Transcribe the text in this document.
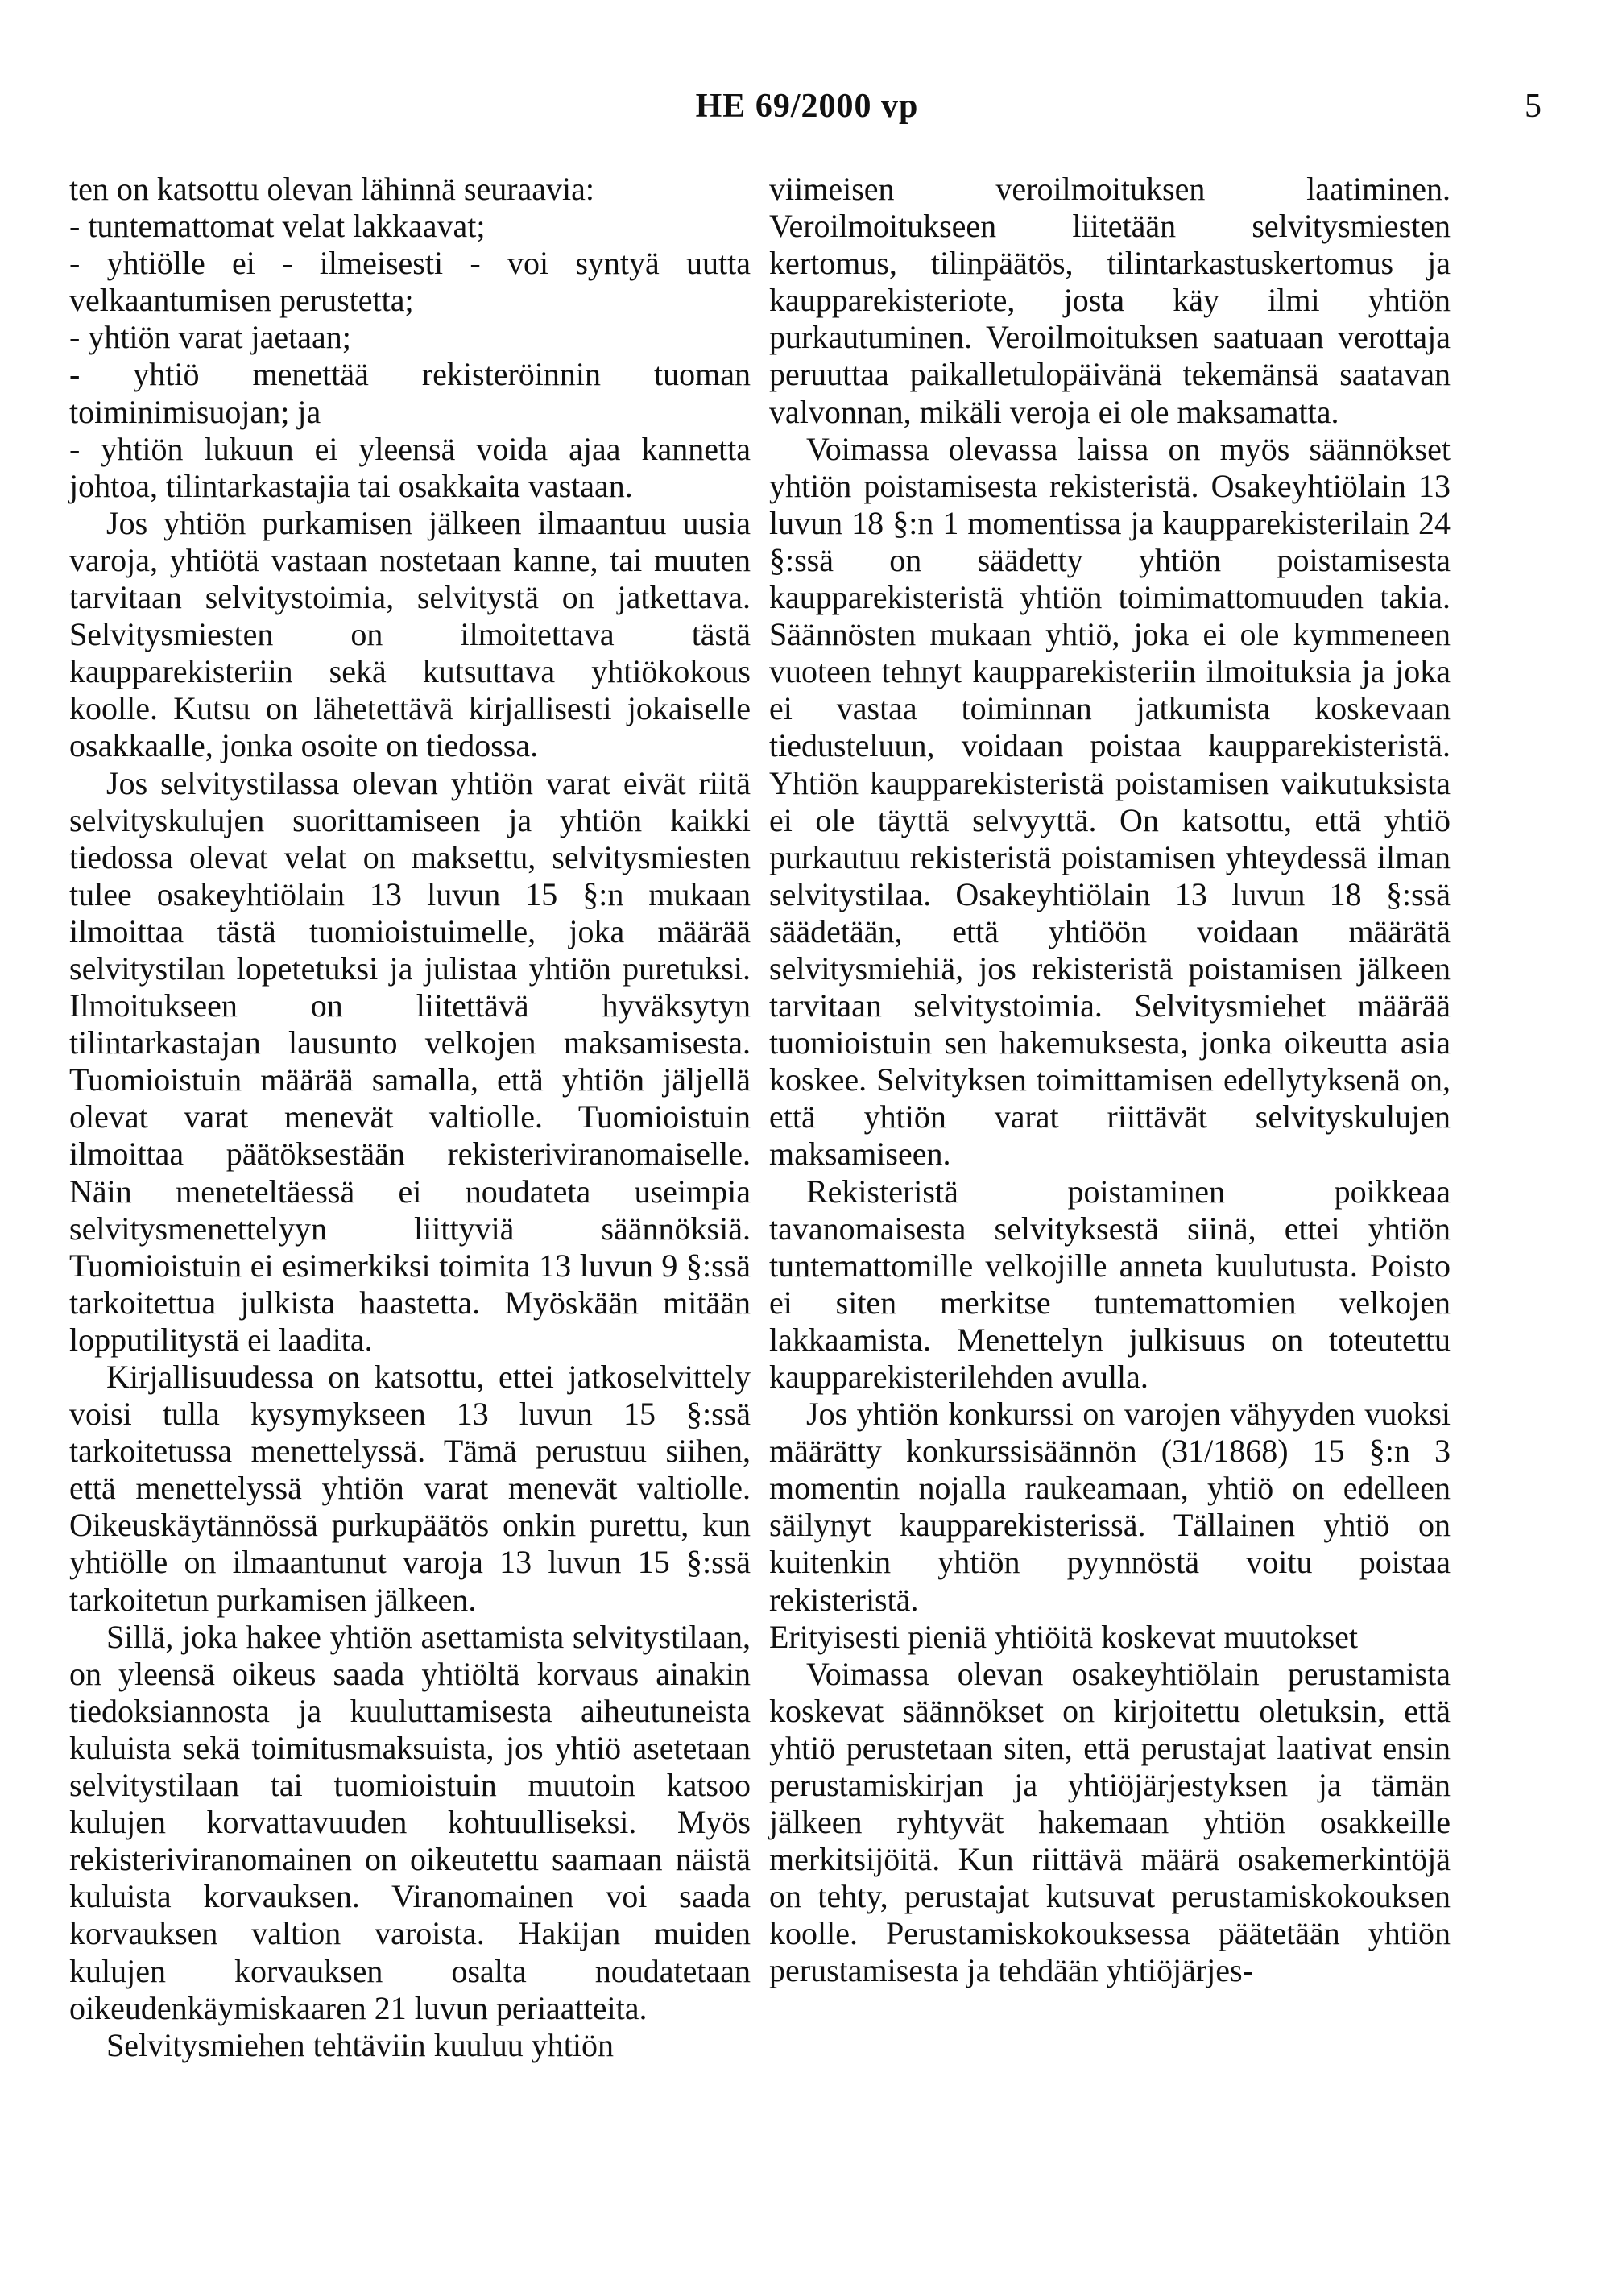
HE 69/2000 vp	5

ten on katsottu olevan lähinnä seuraavia:

- tuntemattomat velat lakkaavat;

- yhtiölle ei - ilmeisesti - voi syntyä uutta velkaantumisen perustetta;

- yhtiön varat jaetaan;

- yhtiö menettää rekisteröinnin tuoman toiminimisuojan; ja

- yhtiön lukuun ei yleensä voida ajaa kannetta johtoa, tilintarkastajia tai osakkaita vastaan.

Jos yhtiön purkamisen jälkeen ilmaantuu uusia varoja, yhtiötä vastaan nostetaan kanne, tai muuten tarvitaan selvitystoimia, selvitystä on jatkettava. Selvitysmiesten on ilmoitettava tästä kaupparekisteriin sekä kutsuttava yhtiökokous koolle. Kutsu on lähetettävä kirjallisesti jokaiselle osakkaalle, jonka osoite on tiedossa.

Jos selvitystilassa olevan yhtiön varat eivät riitä selvityskulujen suorittamiseen ja yhtiön kaikki tiedossa olevat velat on maksettu, selvitysmiesten tulee osakeyhtiölain 13 luvun 15 §:n mukaan ilmoittaa tästä tuomioistuimelle, joka määrää selvitystilan lopetetuksi ja julistaa yhtiön puretuksi. Ilmoitukseen on liitettävä hyväksytyn tilintarkastajan lausunto velkojen maksamisesta. Tuomioistuin määrää samalla, että yhtiön jäljellä olevat varat menevät valtiolle. Tuomioistuin ilmoittaa päätöksestään rekisteriviranomaiselle. Näin meneteltäessä ei noudateta useimpia selvitysmenettelyyn liittyviä säännöksiä. Tuomioistuin ei esimerkiksi toimita 13 luvun 9 §:ssä tarkoitettua julkista haastetta. Myöskään mitään lopputilitystä ei laadita.

Kirjallisuudessa on katsottu, ettei jatkoselvittely voisi tulla kysymykseen 13 luvun 15 §:ssä tarkoitetussa menettelyssä. Tämä perustuu siihen, että menettelyssä yhtiön varat menevät valtiolle. Oikeuskäytännössä purkupäätös onkin purettu, kun yhtiölle on ilmaantunut varoja 13 luvun 15 §:ssä tarkoitetun purkamisen jälkeen.

Sillä, joka hakee yhtiön asettamista selvitystilaan, on yleensä oikeus saada yhtiöltä korvaus ainakin tiedoksiannosta ja kuuluttamisesta aiheutuneista kuluista sekä toimitusmaksuista, jos yhtiö asetetaan selvitystilaan tai tuomioistuin muutoin katsoo kulujen korvattavuuden kohtuulliseksi. Myös rekisteriviranomainen on oikeutettu saamaan näistä kuluista korvauksen. Viranomainen voi saada korvauksen valtion varoista. Hakijan muiden kulujen korvauksen osalta noudatetaan oikeudenkäymiskaaren 21 luvun periaatteita.

Selvitysmiehen tehtäviin kuuluu yhtiön

viimeisen veroilmoituksen laatiminen. Veroilmoitukseen liitetään selvitysmiesten kertomus, tilinpäätös, tilintarkastuskertomus ja kaupparekisteriote, josta käy ilmi yhtiön purkautuminen. Veroilmoituksen saatuaan verottaja peruuttaa paikalletulopäivänä tekemänsä saatavan valvonnan, mikäli veroja ei ole maksamatta.

Voimassa olevassa laissa on myös säännökset yhtiön poistamisesta rekisteristä. Osakeyhtiölain 13 luvun 18 §:n 1 momentissa ja kaupparekisterilain 24 §:ssä on säädetty yhtiön poistamisesta kaupparekisteristä yhtiön toimimattomuuden takia. Säännösten mukaan yhtiö, joka ei ole kymmeneen vuoteen tehnyt kaupparekisteriin ilmoituksia ja joka ei vastaa toiminnan jatkumista koskevaan tiedusteluun, voidaan poistaa kaupparekisteristä. Yhtiön kaupparekisteristä poistamisen vaikutuksista ei ole täyttä selvyyttä. On katsottu, että yhtiö purkautuu rekisteristä poistamisen yhteydessä ilman selvitystilaa. Osakeyhtiölain 13 luvun 18 §:ssä säädetään, että yhtiöön voidaan määrätä selvitysmiehiä, jos rekisteristä poistamisen jälkeen tarvitaan selvitystoimia. Selvitysmiehet määrää tuomioistuin sen hakemuksesta, jonka oikeutta asia koskee. Selvityksen toimittamisen edellytyksenä on, että yhtiön varat riittävät selvityskulujen maksamiseen.

Rekisteristä poistaminen poikkeaa tavanomaisesta selvityksestä siinä, ettei yhtiön tuntemattomille velkojille anneta kuulutusta. Poisto ei siten merkitse tuntemattomien velkojen lakkaamista. Menettelyn julkisuus on toteutettu kaupparekisterilehden avulla.

Jos yhtiön konkurssi on varojen vähyyden vuoksi määrätty konkurssisäännön (31/1868) 15 §:n 3 momentin nojalla raukeamaan, yhtiö on edelleen säilynyt kaupparekisterissä. Tällainen yhtiö on kuitenkin yhtiön pyynnöstä voitu poistaa rekisteristä.

Erityisesti pieniä yhtiöitä koskevat muutokset

Voimassa olevan osakeyhtiölain perustamista koskevat säännökset on kirjoitettu oletuksin, että yhtiö perustetaan siten, että perustajat laativat ensin perustamiskirjan ja yhtiöjärjestyksen ja tämän jälkeen ryhtyvät hakemaan yhtiön osakkeille merkitsijöitä. Kun riittävä määrä osakemerkintöjä on tehty, perustajat kutsuvat perustamiskokouksen koolle. Perustamiskokouksessa päätetään yhtiön perustamisesta ja tehdään yhtiöjärjes-
